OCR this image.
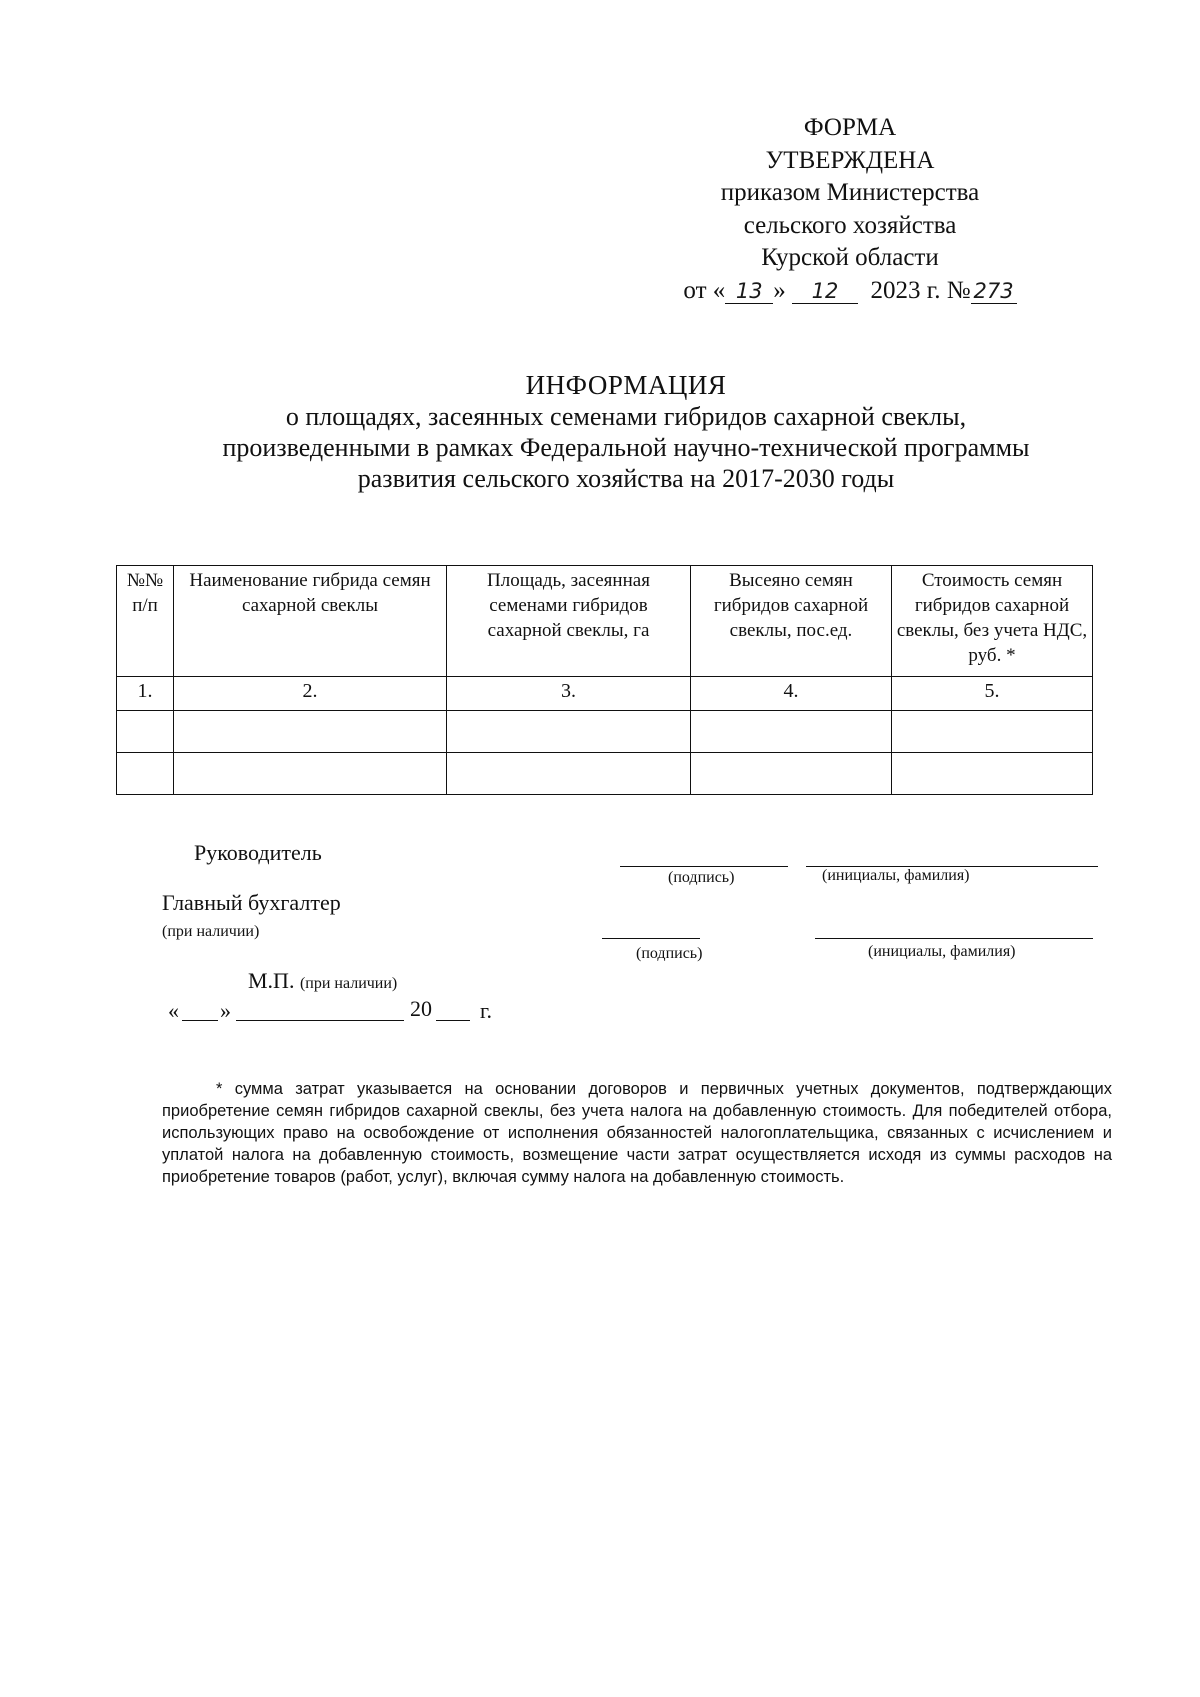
ФОРМА
УТВЕРЖДЕНА
приказом Министерства
сельского хозяйства
Курской области
от « 13 » 12 2023 г. № 273
ИНФОРМАЦИЯ
о площадях, засеянных семенами гибридов сахарной свеклы,
произведенными в рамках Федеральной научно-технической программы
развития сельского хозяйства на 2017-2030 годы
№№ п/п	Наименование гибрида семян сахарной свеклы	Площадь, засеянная семенами гибридов сахарной свеклы, га	Высеяно семян гибридов сахарной свеклы, пос.ед.	Стоимость семян гибридов сахарной свеклы, без учета НДС, руб. *
1.	2.	3.	4.	5.

Руководитель
(подпись)	(инициалы, фамилия)
Главный бухгалтер
(при наличии)
(подпись)	(инициалы, фамилия)
М.П. (при наличии)
« »	20 г.
* сумма затрат указывается на основании договоров и первичных учетных документов, подтверждающих приобретение семян гибридов сахарной свеклы, без учета налога на добавленную стоимость. Для победителей отбора, использующих право на освобождение от исполнения обязанностей налогоплательщика, связанных с исчислением и уплатой налога на добавленную стоимость, возмещение части затрат осуществляется исходя из суммы расходов на приобретение товаров (работ, услуг), включая сумму налога на добавленную стоимость.
